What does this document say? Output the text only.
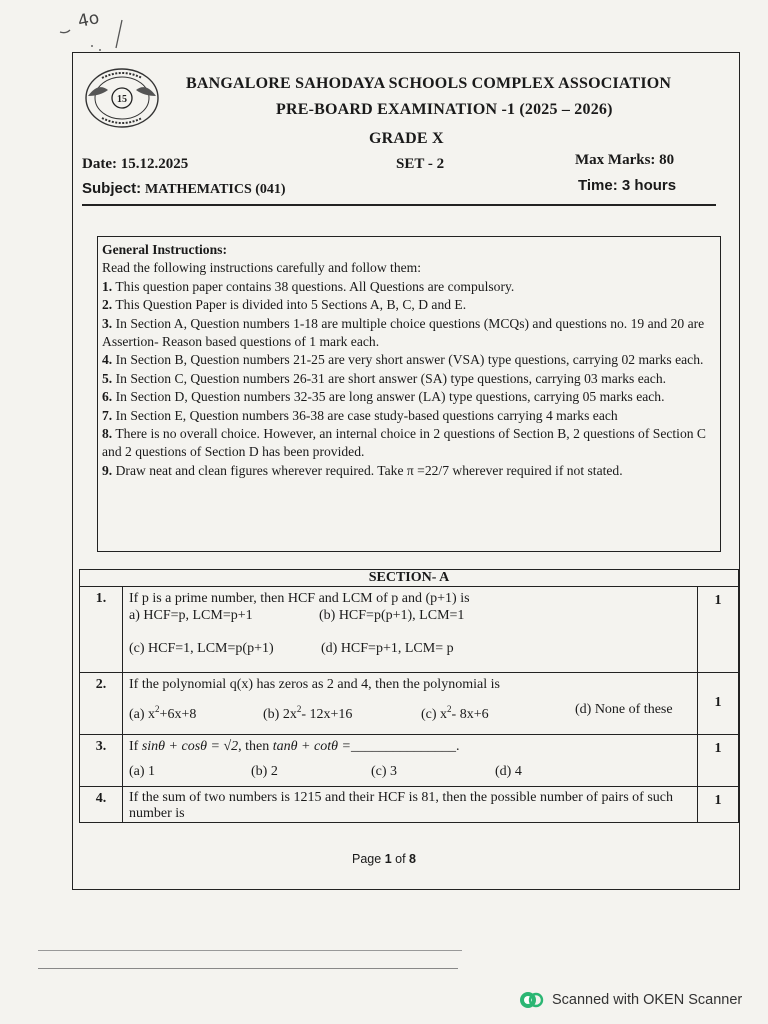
4o
15
BANGALORE SAHODAYA SCHOOLS COMPLEX ASSOCIATION
PRE-BOARD EXAMINATION -1 (2025 – 2026)
GRADE X
Date: 15.12.2025	SET - 2	Max Marks: 80
Subject: MATHEMATICS (041)	Time: 3 hours

General Instructions:

Read the following instructions carefully and follow them:

1. This question paper contains 38 questions. All Questions are compulsory.

2. This Question Paper is divided into 5 Sections A, B, C, D and E.

3. In Section A, Question numbers 1-18 are multiple choice questions (MCQs) and questions no. 19 and 20 are Assertion- Reason based questions of 1 mark each.

4. In Section B, Question numbers 21-25 are very short answer (VSA) type questions, carrying 02 marks each.

5. In Section C, Question numbers 26-31 are short answer (SA) type questions, carrying 03 marks each.

6. In Section D, Question numbers 32-35 are long answer (LA) type questions, carrying 05 marks each.

7. In Section E, Question numbers 36-38 are case study-based questions carrying 4 marks each

8. There is no overall choice. However, an internal choice in 2 questions of Section B, 2 questions of Section C and 2 questions of Section D has been provided.

9. Draw neat and clean figures wherever required. Take π =22/7 wherever required if not stated.

SECTION- A		
1.	If p is a prime number, then HCF and LCM of p and (p+1) is
a) HCF=p, LCM=p+1 (b) HCF=p(p+1), LCM=1
(c) HCF=1, LCM=p(p+1) (d) HCF=p+1, LCM= p	1
2.	If the polynomial q(x) has zeros as 2 and 4, then the polynomial is
(a) $x^2+6x+8$ (b) $2x^2-$ 12x+16 (c) $x^2-$ 8x+6 (d) None of these	1
3.	If sinθ + cosθ = √2, then tanθ + cotθ =_______________.
(a) 1 (b) 2 (c) 3 (d) 4	1
4.	If the sum of two numbers is 1215 and their HCF is 81, then the possible number of pairs of such    number is	1
Page 1 of 8
Scanned with OKEN Scanner
